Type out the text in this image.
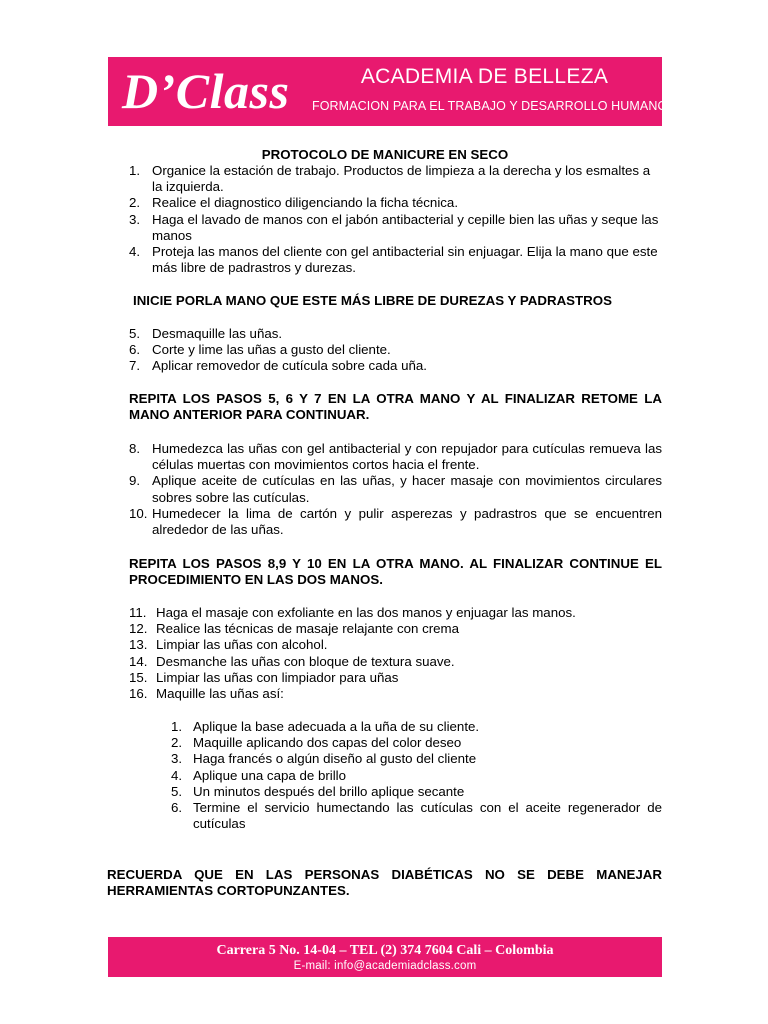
D’Class	ACADEMIA DE BELLEZA
FORMACION PARA EL TRABAJO Y DESARROLLO HUMANO
PROTOCOLO DE MANICURE EN SECO
1. Organice la estación de trabajo. Productos de limpieza a la derecha y los esmaltes a la izquierda.
2. Realice el diagnostico diligenciando la ficha técnica.
3. Haga el lavado de manos con el jabón antibacterial y cepille bien las uñas y seque las manos
4. Proteja las manos del cliente con gel antibacterial sin enjuagar. Elija la mano que este más libre de padrastros y durezas.
INICIE PORLA MANO QUE ESTE MÁS LIBRE DE DUREZAS Y PADRASTROS
5. Desmaquille las uñas.
6. Corte y lime las uñas a gusto del cliente.
7. Aplicar removedor de cutícula sobre cada uña.
REPITA LOS PASOS 5, 6 Y 7 EN LA OTRA MANO Y AL FINALIZAR RETOME LA MANO ANTERIOR PARA CONTINUAR.
8. Humedezca las uñas con gel antibacterial y con repujador para cutículas remueva las células muertas con movimientos cortos hacia el frente.
9. Aplique aceite de cutículas en las uñas, y hacer masaje con movimientos circulares sobres sobre las cutículas.
10. Humedecer la lima de cartón y pulir asperezas y padrastros que se encuentren alrededor de las uñas.
REPITA LOS PASOS 8,9 Y 10 EN LA OTRA MANO. AL FINALIZAR CONTINUE EL PROCEDIMIENTO EN LAS DOS MANOS.
11. Haga el masaje con exfoliante en las dos manos y enjuagar las manos.
12. Realice las técnicas de masaje relajante con crema
13. Limpiar las uñas con alcohol.
14. Desmanche las uñas con bloque de textura suave.
15. Limpiar las uñas con limpiador para uñas
16. Maquille las uñas así:
1. Aplique la base adecuada a la uña de su cliente.
2. Maquille aplicando dos capas del color deseo
3. Haga francés o algún diseño al gusto del cliente
4. Aplique una capa de brillo
5. Un minutos después del brillo aplique secante
6. Termine el servicio humectando las cutículas con el aceite regenerador de cutículas
RECUERDA QUE EN LAS PERSONAS DIABÉTICAS NO SE DEBE MANEJAR HERRAMIENTAS CORTOPUNZANTES.
Carrera 5 No. 14-04 – TEL (2) 374 7604 Cali – Colombia
E-mail: info@academiadclass.com
